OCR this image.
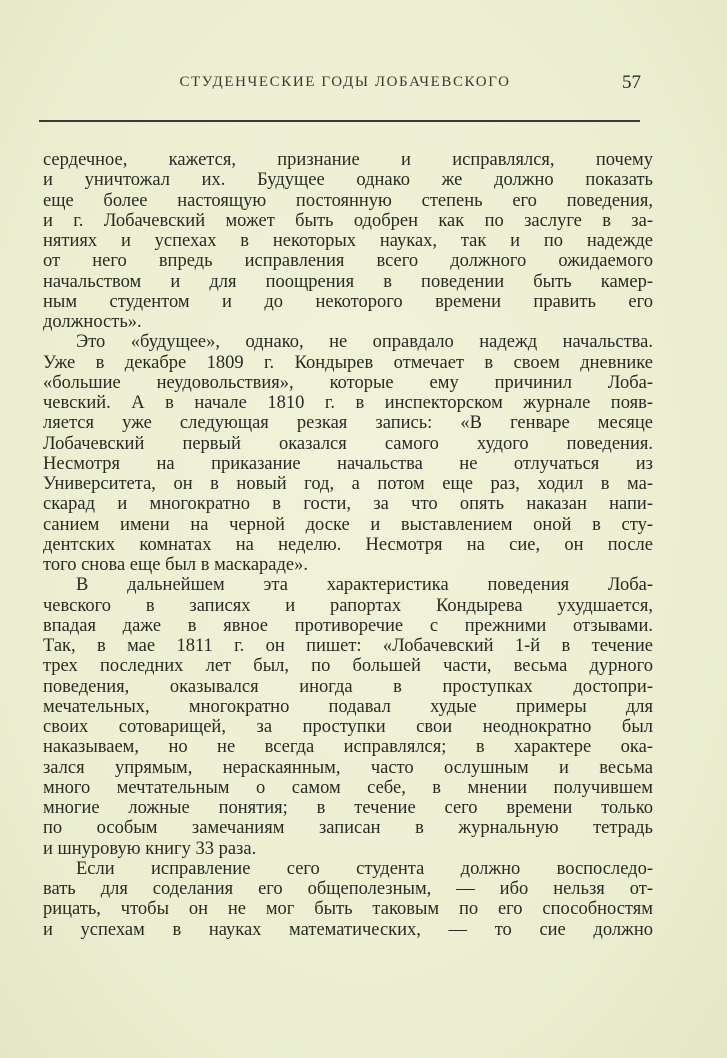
СТУДЕНЧЕСКИЕ ГОДЫ ЛОБАЧЕВСКОГО	57
сердечное, кажется, признание и исправлялся, почему
и уничтожал их. Будущее однако же должно показать
еще более настоящую постоянную степень его поведения,
и г. Лобачевский может быть одобрен как по заслуге в за-
нятиях и успехах в некоторых науках, так и по надежде
от него впредь исправления всего должного ожидаемого
начальством и для поощрения в поведении быть камер-
ным студентом и до некоторого времени править его
должность».
Это «будущее», однако, не оправдало надежд начальства.
Уже в декабре 1809 г. Кондырев отмечает в своем дневнике
«большие неудовольствия», которые ему причинил Лоба-
чевский. А в начале 1810 г. в инспекторском журнале появ-
ляется уже следующая резкая запись: «В генваре месяце
Лобачевский первый оказался самого худого поведения.
Несмотря на приказание начальства не отлучаться из
Университета, он в новый год, а потом еще раз, ходил в ма-
скарад и многократно в гости, за что опять наказан напи-
санием имени на черной доске и выставлением оной в сту-
дентских комнатах на неделю. Несмотря на сие, он после
того снова еще был в маскараде».
В дальнейшем эта характеристика поведения Лоба-
чевского в записях и рапортах Кондырева ухудшается,
впадая даже в явное противоречие с прежними отзывами.
Так, в мае 1811 г. он пишет: «Лобачевский 1-й в течение
трех последних лет был, по большей части, весьма дурного
поведения, оказывался иногда в проступках достопри-
мечательных, многократно подавал худые примеры для
своих сотоварищей, за проступки свои неоднократно был
наказываем, но не всегда исправлялся; в характере ока-
зался упрямым, нераскаянным, часто ослушным и весьма
много мечтательным о самом себе, в мнении получившем
многие ложные понятия; в течение сего времени только
по особым замечаниям записан в журнальную тетрадь
и шнуровую книгу 33 раза.
Если исправление сего студента должно воспоследо-
вать для соделания его общеполезным, — ибо нельзя от-
рицать, чтобы он не мог быть таковым по его способностям
и успехам в науках математических, — то сие должно
